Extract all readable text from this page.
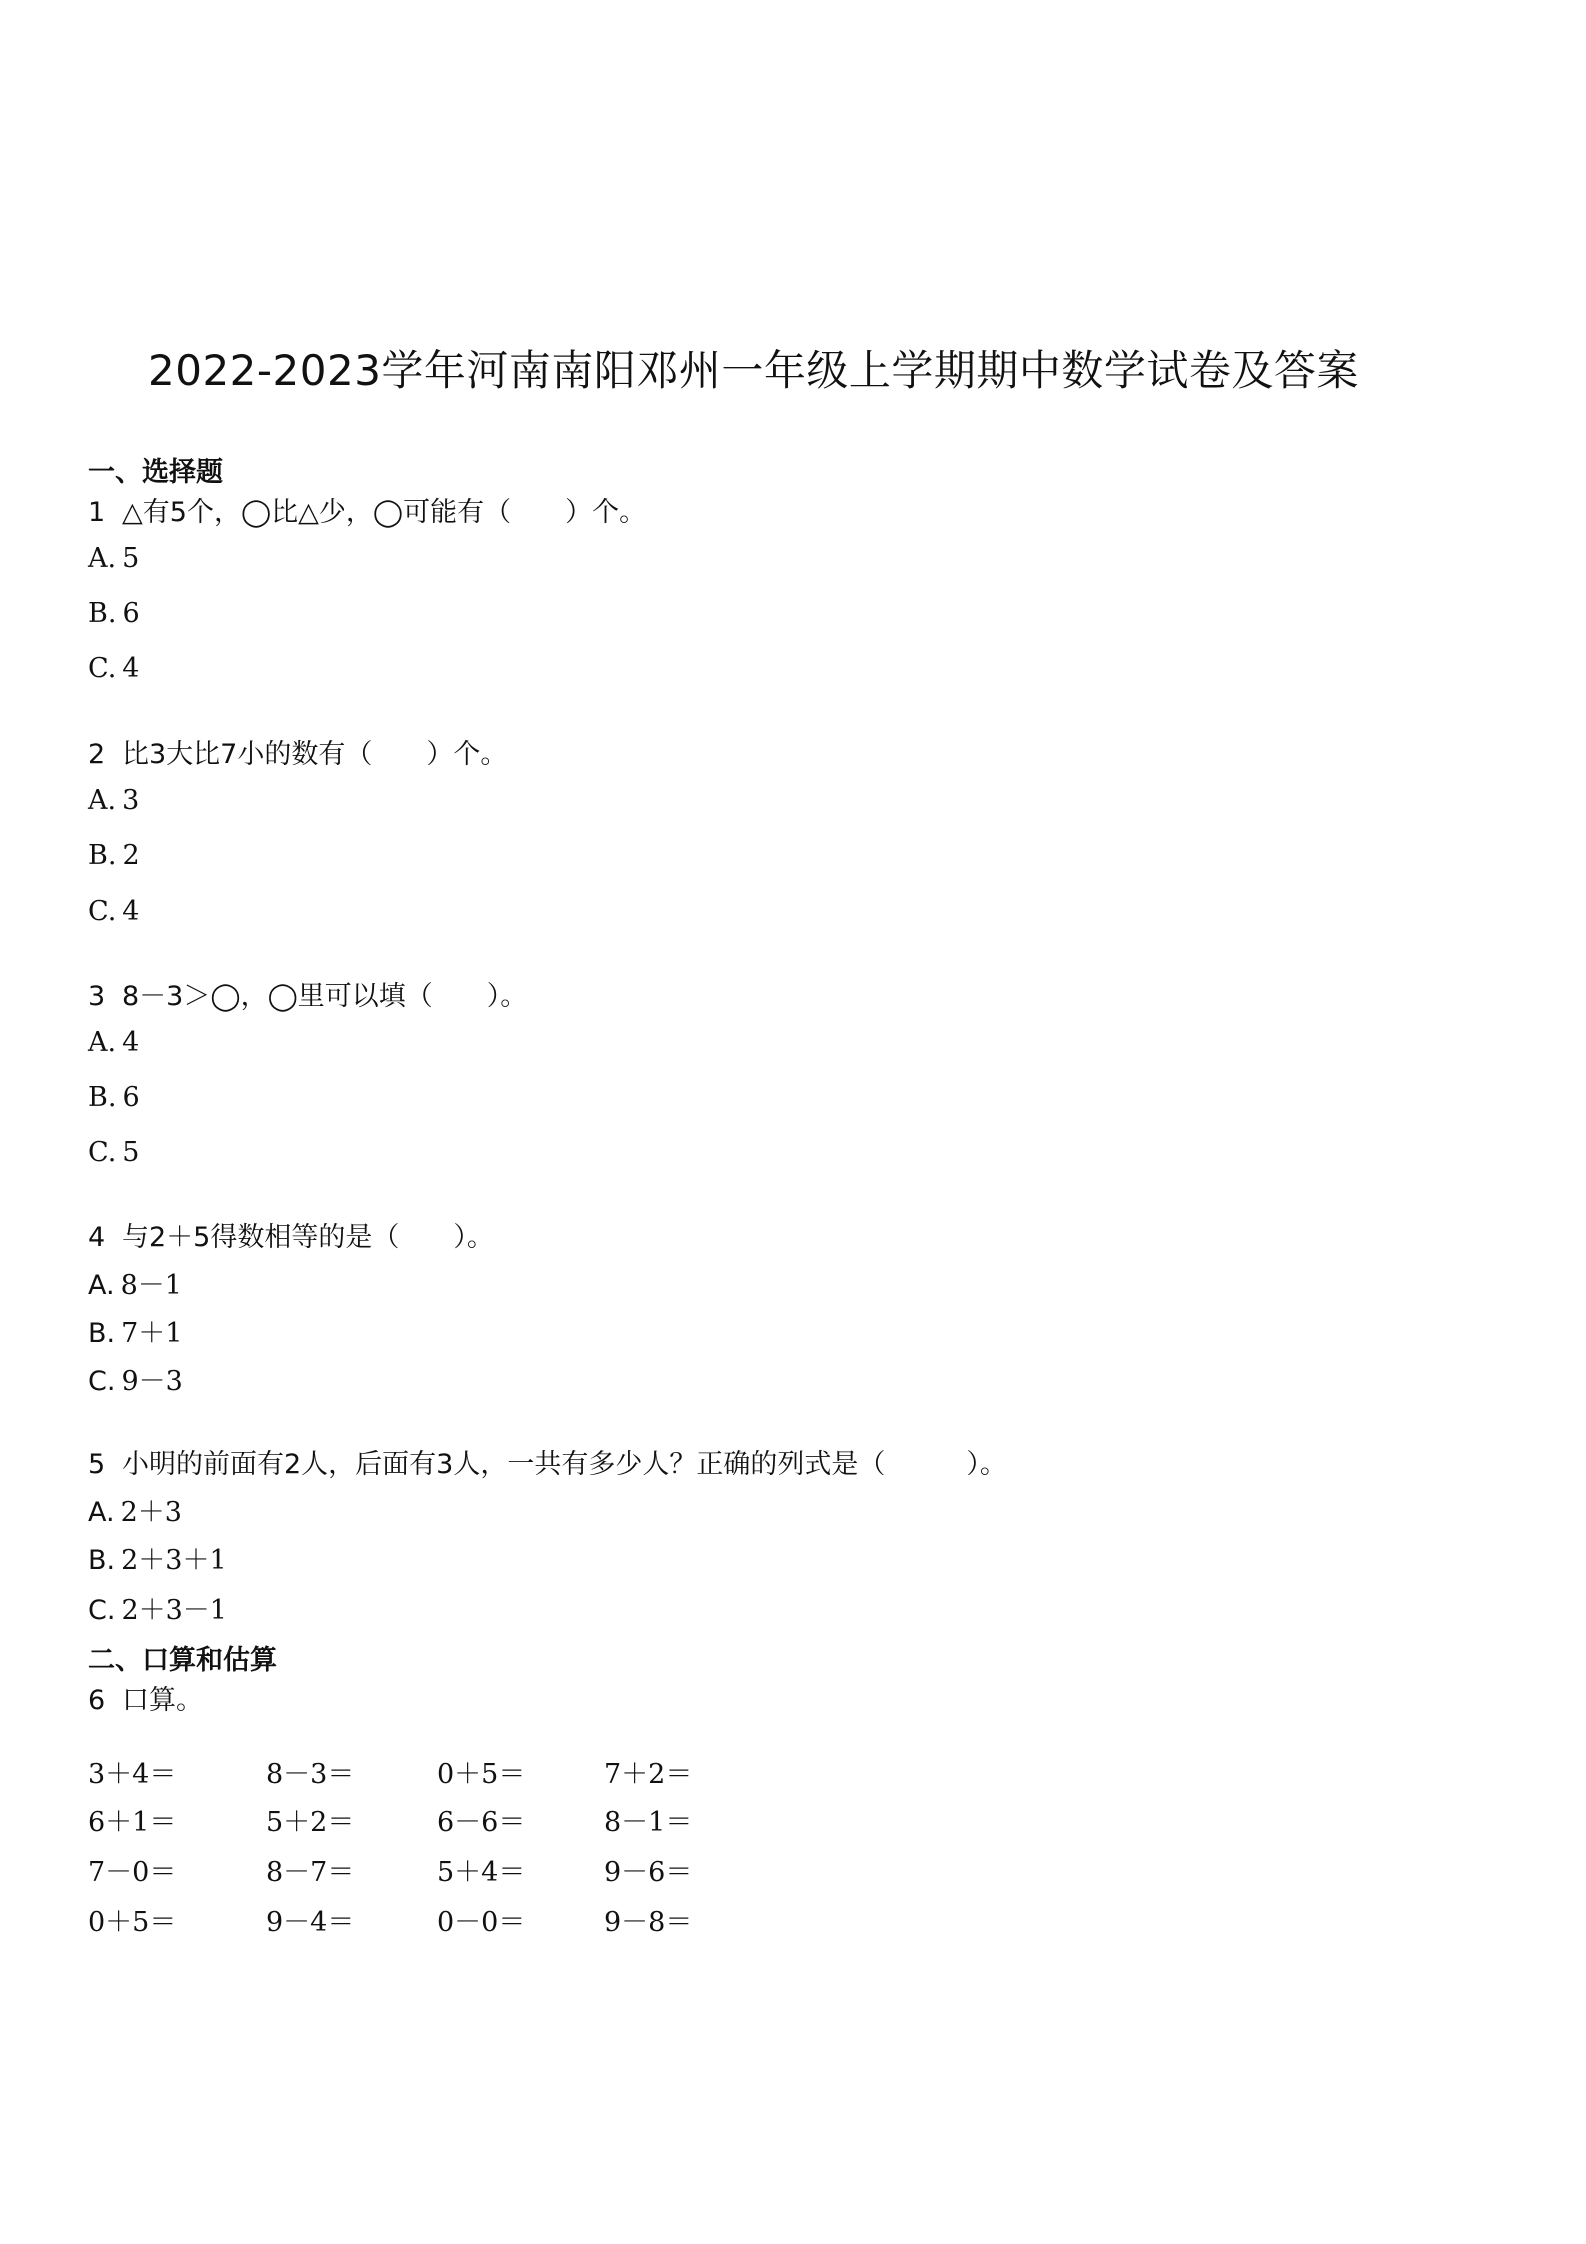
2022-2023学年河南南阳邓州一年级上学期期中数学试卷及答案
一、选择题
1 △有5个，◯比△少，◯可能有（　　）个。
A. 5
B. 6
C. 4
2 比3大比7小的数有（　　）个。
A. 3
B. 2
C. 4
3 8－3＞◯，◯里可以填（　　）。
A. 4
B. 6
C. 5
4 与2＋5得数相等的是（　　）。
A. 8－1
B. 7＋1
C. 9－3
5 小明的前面有2人，后面有3人，一共有多少人？正确的列式是（　　　）。
A. 2＋3
B. 2＋3＋1
C. 2＋3－1
二、口算和估算
6 口算。
3＋4＝	8－3＝	0＋5＝	7＋2＝
6＋1＝	5＋2＝	6－6＝	8－1＝
7－0＝	8－7＝	5＋4＝	9－6＝
0＋5＝	9－4＝	0－0＝	9－8＝
